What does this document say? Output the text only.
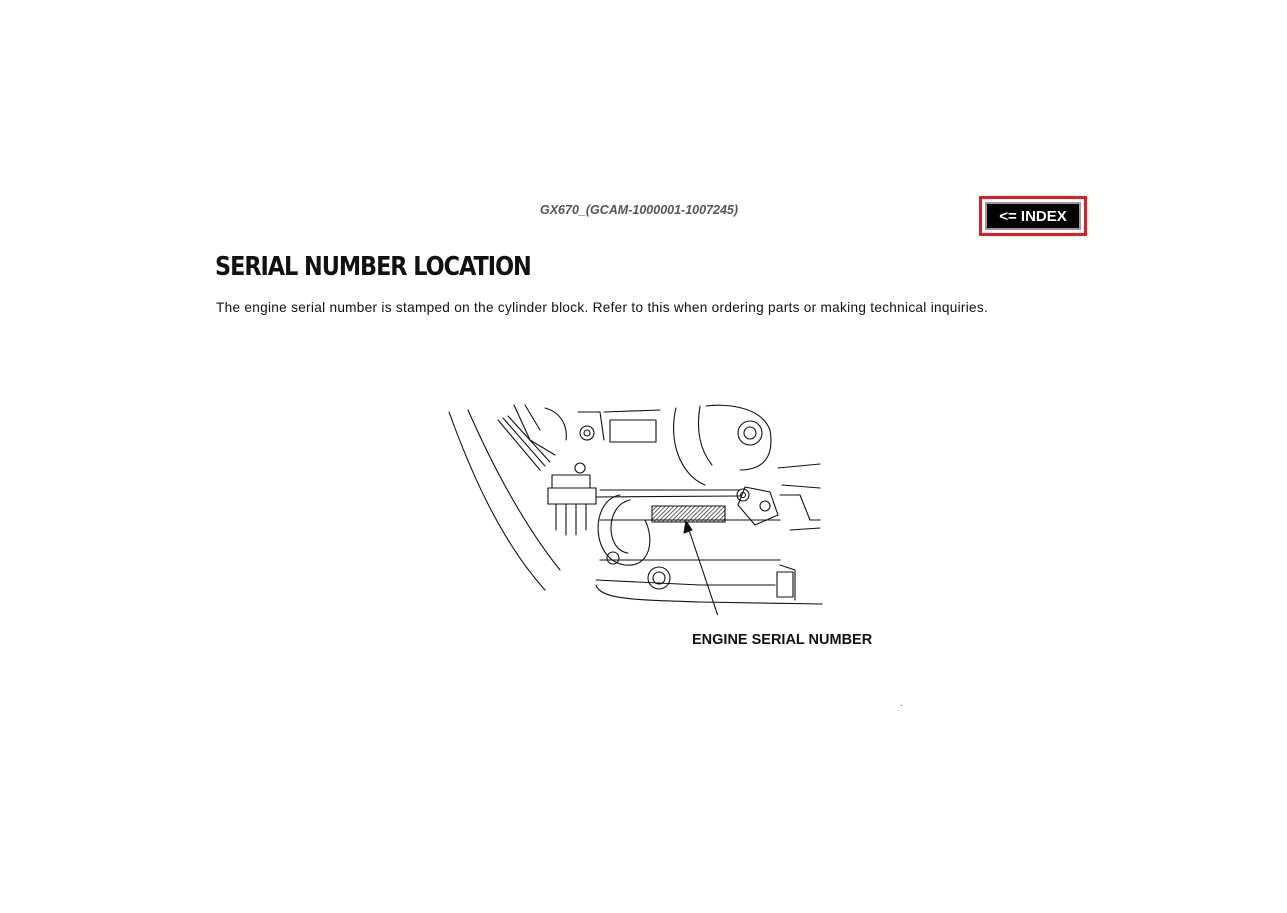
GX670_(GCAM-1000001-1007245)	<= INDEX
SERIAL NUMBER LOCATION

The engine serial number is stamped on the cylinder block. Refer to this when ordering parts or making technical inquiries.

ENGINE SERIAL NUMBER
